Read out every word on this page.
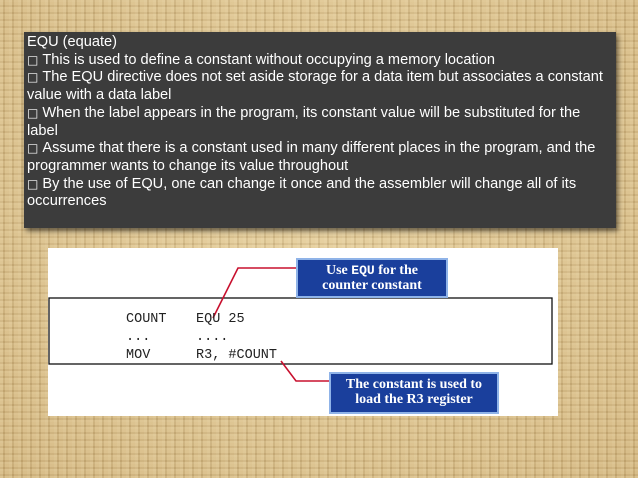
EQU (equate)

□ This is used to define a constant without occupying a memory location

□ The EQU directive does not set aside storage for a data item but associates a constant value with a data label

□ When the label appears in the program, its constant value will be substituted for the label

□ Assume that there is a constant used in many different places in the program, and the programmer wants to change its value throughout

□ By the use of EQU, one can change it once and the assembler will change all of its occurrences

COUNT EQU 25
...	....
MOV	R3, #COUNT
Use EQU for the
counter constant
The constant is used to
load the R3 register
